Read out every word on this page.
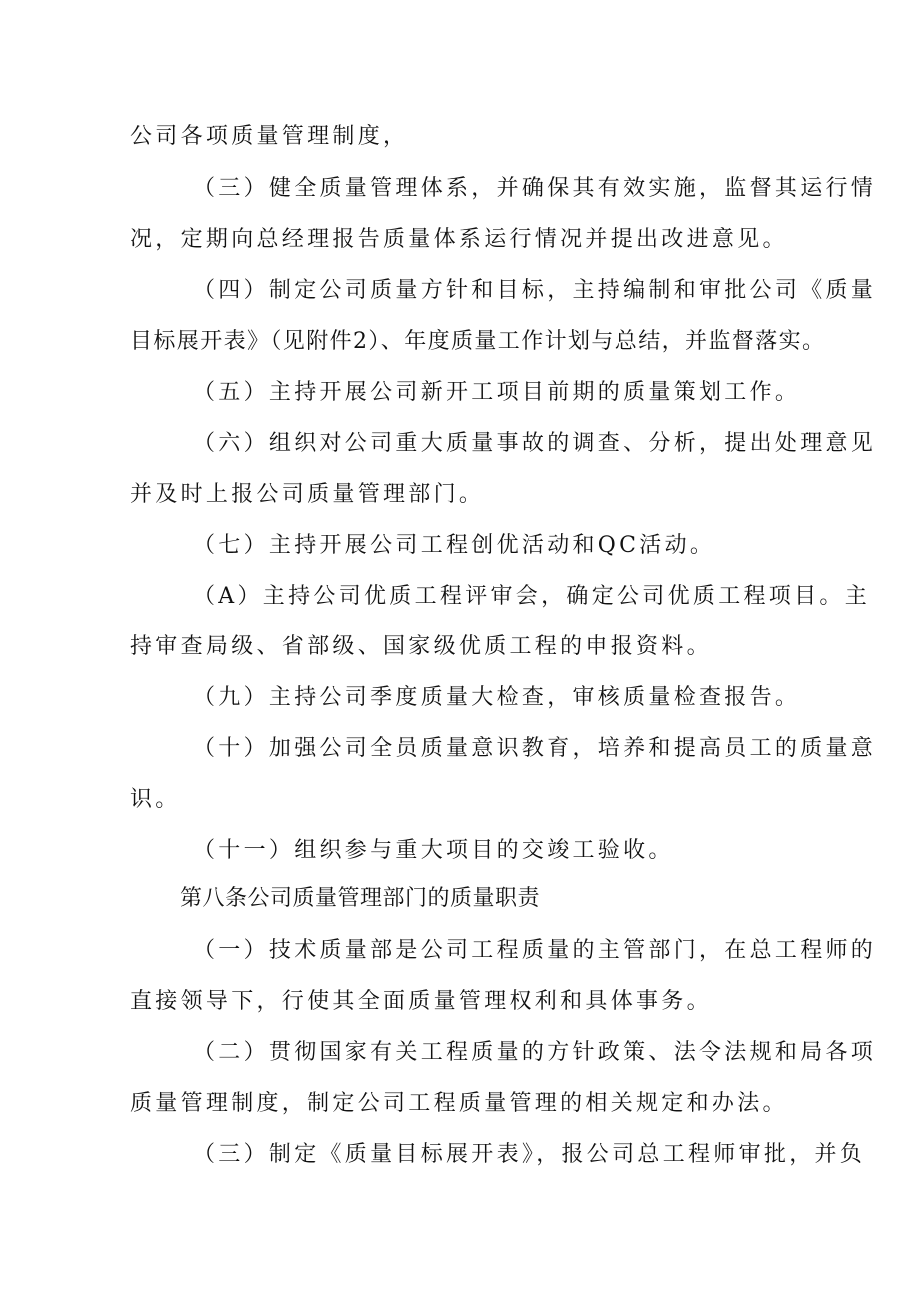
公司各项质量管理制度，
（三）健全质量管理体系，并确保其有效实施，监督其运行情
况，定期向总经理报告质量体系运行情况并提出改进意见。
（四）制定公司质量方针和目标，主持编制和审批公司《质量
目标展开表》（见附件2）、年度质量工作计划与总结，并监督落实。
（五）主持开展公司新开工项目前期的质量策划工作。
（六）组织对公司重大质量事故的调查、分析，提出处理意见
并及时上报公司质量管理部门。
（七）主持开展公司工程创优活动和QC活动。
（A）主持公司优质工程评审会，确定公司优质工程项目。主
持审查局级、省部级、国家级优质工程的申报资料。
（九）主持公司季度质量大检查，审核质量检查报告。
（十）加强公司全员质量意识教育，培养和提高员工的质量意
识。
（十一）组织参与重大项目的交竣工验收。
第八条公司质量管理部门的质量职责
（一）技术质量部是公司工程质量的主管部门，在总工程师的
直接领导下，行使其全面质量管理权利和具体事务。
（二）贯彻国家有关工程质量的方针政策、法令法规和局各项
质量管理制度，制定公司工程质量管理的相关规定和办法。
（三）制定《质量目标展开表》，报公司总工程师审批，并负
